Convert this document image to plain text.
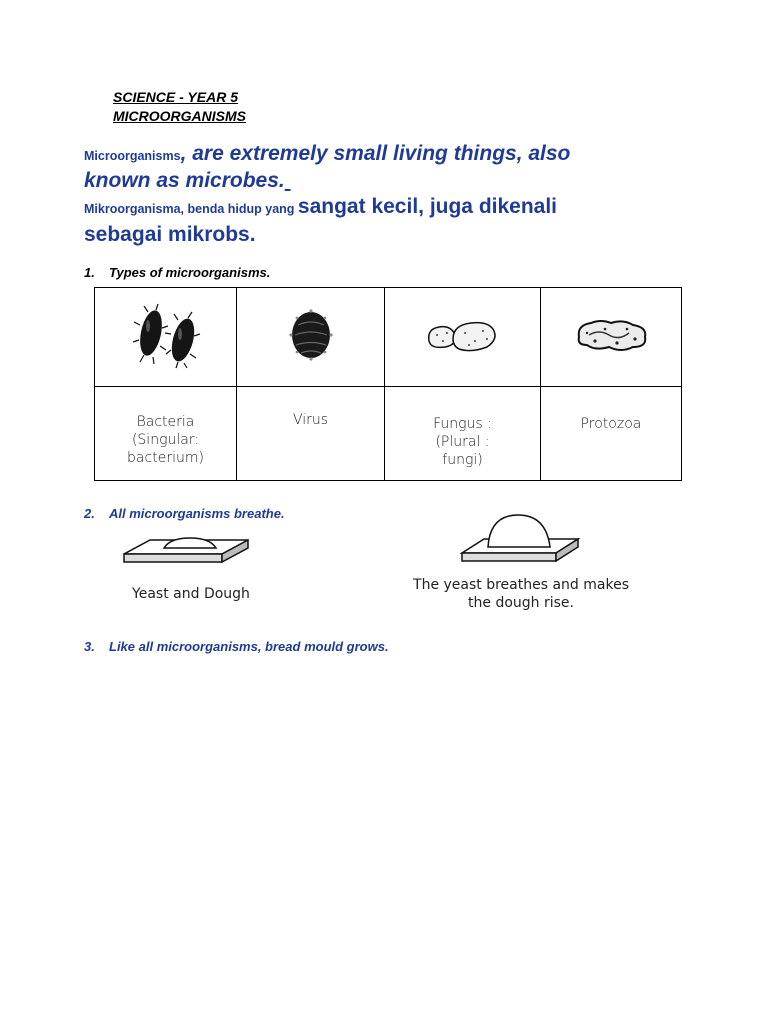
SCIENCE - YEAR 5
MICROORGANISMS
Microorganisms, are extremely small living things, also
known as microbes.
Mikroorganisma, benda hidup yang sangat kecil, juga dikenali
sebagai mikrobs.
1. Types of microorganisms.

Bacteria
(Singular:
bacterium)	Virus	Fungus :
(Plural :
fungi)	Protozoa
2. All microorganisms breathe.
Yeast and Dough
The yeast breathes and makes
the dough rise.
3. Like all microorganisms, bread mould grows.
